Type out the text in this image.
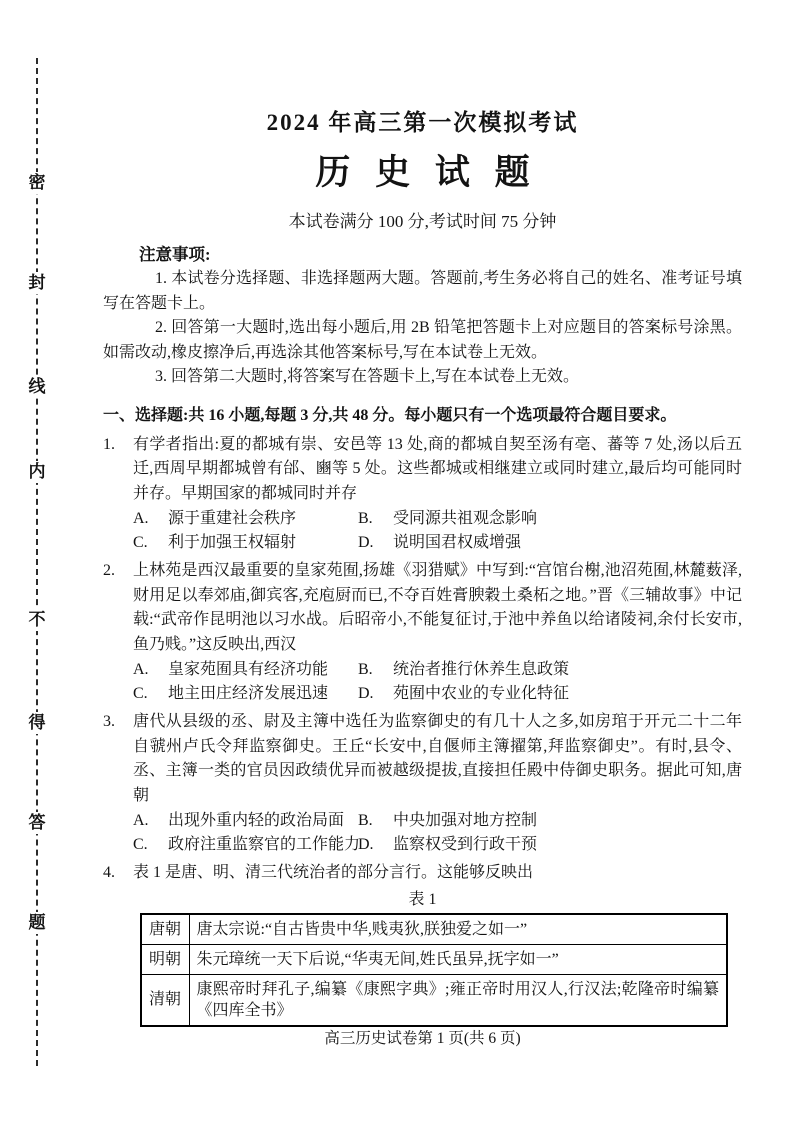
密
封
线
内
不
得
答
题
2024 年高三第一次模拟考试
历 史 试 题

本试卷满分 100 分,考试时间 75 分钟

注意事项:

1. 本试卷分选择题、非选择题两大题。答题前,考生务必将自己的姓名、准考证号填写在答题卡上。

2. 回答第一大题时,选出每小题后,用 2B 铅笔把答题卡上对应题目的答案标号涂黑。如需改动,橡皮擦净后,再选涂其他答案标号,写在本试卷上无效。

3. 回答第二大题时,将答案写在答题卡上,写在本试卷上无效。

一、选择题:共 16 小题,每题 3 分,共 48 分。每小题只有一个选项最符合题目要求。

1. 有学者指出:夏的都城有崇、安邑等 13 处,商的都城自契至汤有亳、蕃等 7 处,汤以后五迁,西周早期都城曾有邰、豳等 5 处。这些都城或相继建立或同时建立,最后均可能同时并存。早期国家的都城同时并存

A. 源于重建社会秩序	B. 受同源共祖观念影响
C. 利于加强王权辐射	D. 说明国君权威增强
2. 上林苑是西汉最重要的皇家苑囿,扬雄《羽猎赋》中写到:“宫馆台榭,池沼苑囿,林麓薮泽,财用足以奉郊庙,御宾客,充庖厨而已,不夺百姓膏腴穀土桑柘之地。”晋《三辅故事》中记载:“武帝作昆明池以习水战。后昭帝小,不能复征讨,于池中养鱼以给诸陵祠,余付长安市,鱼乃贱。”这反映出,西汉

A. 皇家苑囿具有经济功能	B. 统治者推行休养生息政策
C. 地主田庄经济发展迅速	D. 苑囿中农业的专业化特征
3. 唐代从县级的丞、尉及主簿中选任为监察御史的有几十人之多,如房琯于开元二十二年自虢州卢氏令拜监察御史。王丘“长安中,自偃师主簿擢第,拜监察御史”。有时,县令、丞、主簿一类的官员因政绩优异而被越级提拔,直接担任殿中侍御史职务。据此可知,唐朝

A. 出现外重内轻的政治局面 B. 中央加强对地方控制
C. 政府注重监察官的工作能力
D. 监察权受到行政干预
4. 表 1 是唐、明、清三代统治者的部分言行。这能够反映出

表 1

唐朝	唐太宗说:“自古皆贵中华,贱夷狄,朕独爱之如一”
明朝	朱元璋统一天下后说,“华夷无间,姓氏虽异,抚字如一”
清朝	康熙帝时拜孔子,编纂《康熙字典》;雍正帝时用汉人,行汉法;乾隆帝时编纂《四库全书》
高三历史试卷第 1 页(共 6 页)
